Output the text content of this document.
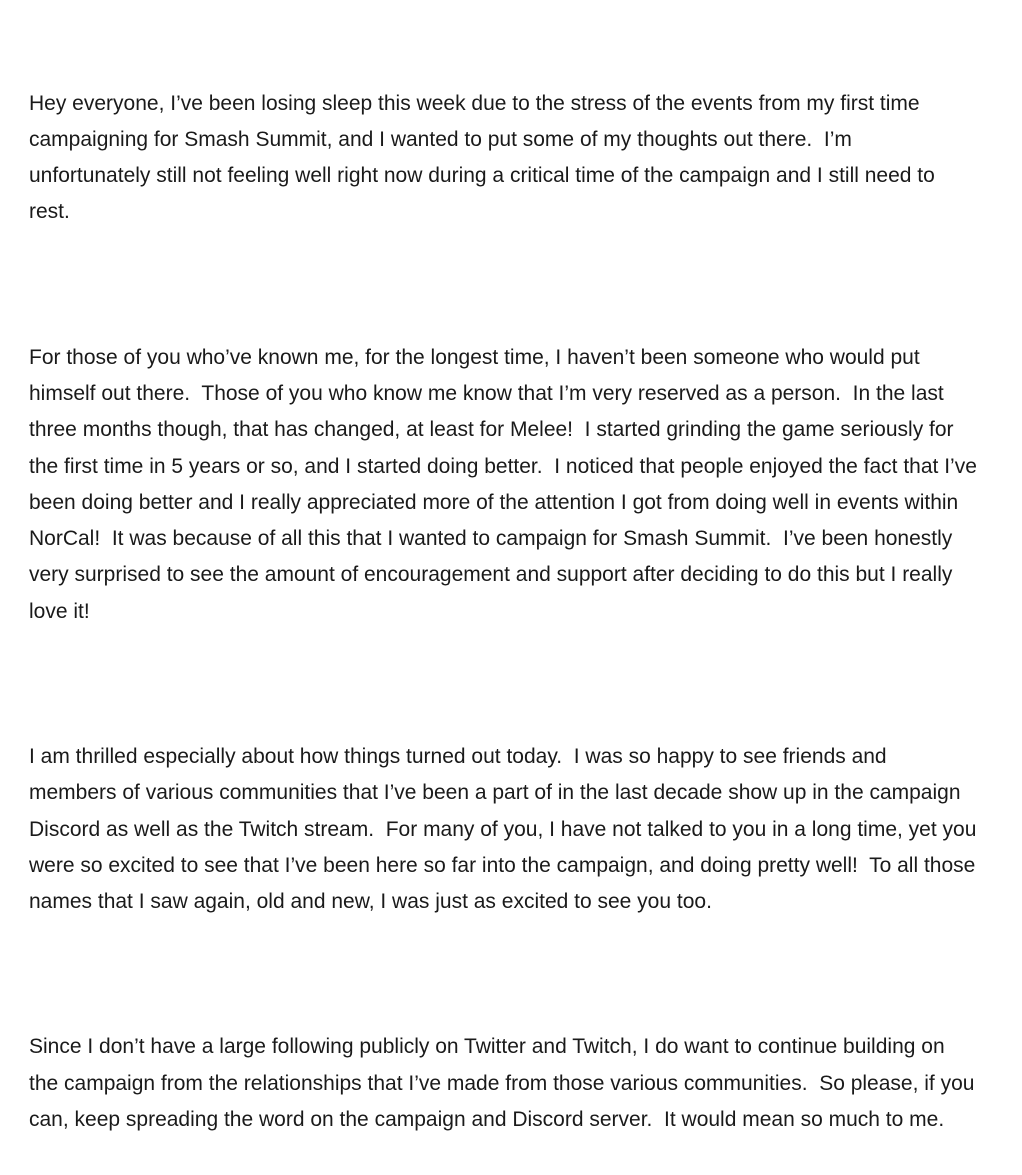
Hey everyone, I’ve been losing sleep this week due to the stress of the events from my first time campaigning for Smash Summit, and I wanted to put some of my thoughts out there.  I’m unfortunately still not feeling well right now during a critical time of the campaign and I still need to rest.

For those of you who’ve known me, for the longest time, I haven’t been someone who would put himself out there.  Those of you who know me know that I’m very reserved as a person.  In the last three months though, that has changed, at least for Melee!  I started grinding the game seriously for the first time in 5 years or so, and I started doing better.  I noticed that people enjoyed the fact that I’ve been doing better and I really appreciated more of the attention I got from doing well in events within NorCal!  It was because of all this that I wanted to campaign for Smash Summit.  I’ve been honestly very surprised to see the amount of encouragement and support after deciding to do this but I really love it!

I am thrilled especially about how things turned out today.  I was so happy to see friends and members of various communities that I’ve been a part of in the last decade show up in the campaign Discord as well as the Twitch stream.  For many of you, I have not talked to you in a long time, yet you were so excited to see that I’ve been here so far into the campaign, and doing pretty well!  To all those names that I saw again, old and new, I was just as excited to see you too.

Since I don’t have a large following publicly on Twitter and Twitch, I do want to continue building on the campaign from the relationships that I’ve made from those various communities.  So please, if you can, keep spreading the word on the campaign and Discord server.  It would mean so much to me.
